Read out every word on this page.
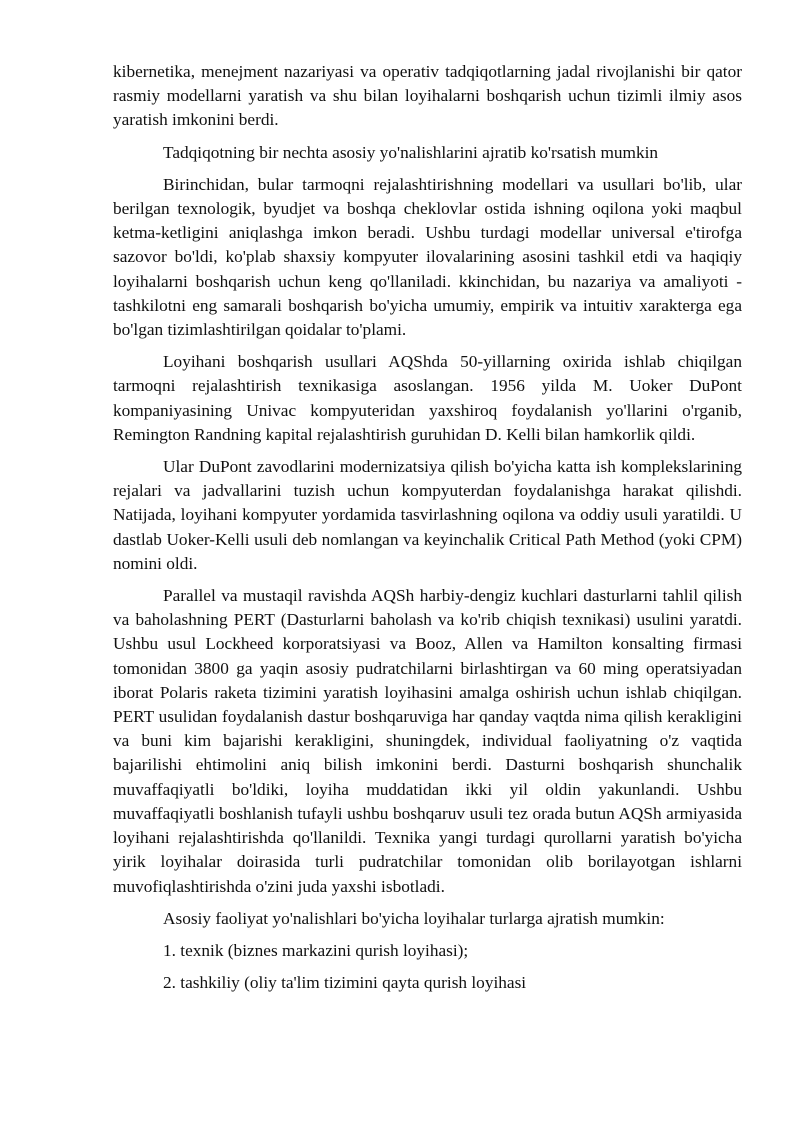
kibernetika, menejment nazariyasi va operativ tadqiqotlarning jadal rivojlanishi bir qator rasmiy modellarni yaratish va shu bilan loyihalarni boshqarish uchun tizimli ilmiy asos yaratish imkonini berdi.

Tadqiqotning bir nechta asosiy yo'nalishlarini ajratib ko'rsatish mumkin

Birinchidan, bular tarmoqni rejalashtirishning modellari va usullari bo'lib, ular berilgan texnologik, byudjet va boshqa cheklovlar ostida ishning oqilona yoki maqbul ketma-ketligini aniqlashga imkon beradi. Ushbu turdagi modellar universal e'tirofga sazovor bo'ldi, ko'plab shaxsiy kompyuter ilovalarining asosini tashkil etdi va haqiqiy loyihalarni boshqarish uchun keng qo'llaniladi. kkinchidan, bu nazariya va amaliyoti - tashkilotni eng samarali boshqarish bo'yicha umumiy, empirik va intuitiv xarakterga ega bo'lgan tizimlashtirilgan qoidalar to'plami.

Loyihani boshqarish usullari AQShda 50-yillarning oxirida ishlab chiqilgan tarmoqni rejalashtirish texnikasiga asoslangan. 1956 yilda M. Uoker DuPont kompaniyasining Univac kompyuteridan yaxshiroq foydalanish yo'llarini o'rganib, Remington Randning kapital rejalashtirish guruhidan D. Kelli bilan hamkorlik qildi.

Ular DuPont zavodlarini modernizatsiya qilish bo'yicha katta ish komplekslarining rejalari va jadvallarini tuzish uchun kompyuterdan foydalanishga harakat qilishdi. Natijada, loyihani kompyuter yordamida tasvirlashning oqilona va oddiy usuli yaratildi. U dastlab Uoker-Kelli usuli deb nomlangan va keyinchalik Critical Path Method (yoki CPM) nomini oldi.

Parallel va mustaqil ravishda AQSh harbiy-dengiz kuchlari dasturlarni tahlil qilish va baholashning PERT (Dasturlarni baholash va ko'rib chiqish texnikasi) usulini yaratdi. Ushbu usul Lockheed korporatsiyasi va Booz, Allen va Hamilton konsalting firmasi tomonidan 3800 ga yaqin asosiy pudratchilarni birlashtirgan va 60 ming operatsiyadan iborat Polaris raketa tizimini yaratish loyihasini amalga oshirish uchun ishlab chiqilgan. PERT usulidan foydalanish dastur boshqaruviga har qanday vaqtda nima qilish kerakligini va buni kim bajarishi kerakligini, shuningdek, individual faoliyatning o'z vaqtida bajarilishi ehtimolini aniq bilish imkonini berdi. Dasturni boshqarish shunchalik muvaffaqiyatli bo'ldiki, loyiha muddatidan ikki yil oldin yakunlandi. Ushbu muvaffaqiyatli boshlanish tufayli ushbu boshqaruv usuli tez orada butun AQSh armiyasida loyihani rejalashtirishda qo'llanildi. Texnika yangi turdagi qurollarni yaratish bo'yicha yirik loyihalar doirasida turli pudratchilar tomonidan olib borilayotgan ishlarni muvofiqlashtirishda o'zini juda yaxshi isbotladi.

Asosiy faoliyat yo'nalishlari bo'yicha loyihalar turlarga ajratish mumkin:

1. texnik (biznes markazini qurish loyihasi);

2. tashkiliy (oliy ta'lim tizimini qayta qurish loyihasi
